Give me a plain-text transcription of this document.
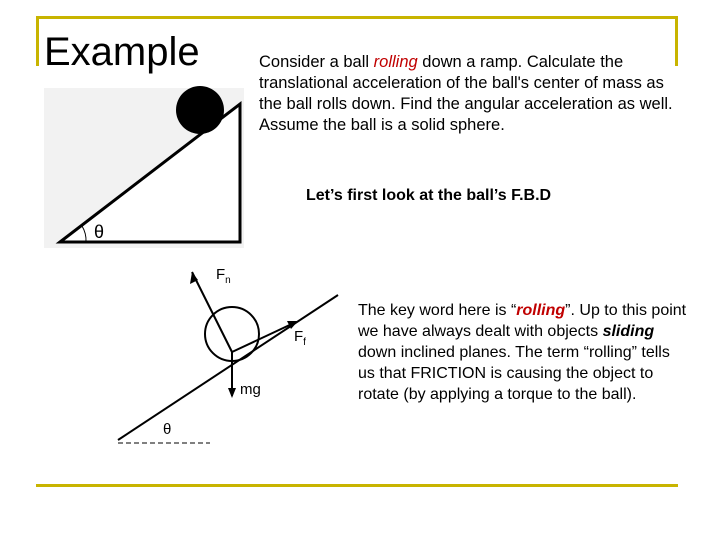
Example	Consider a ball rolling down a ramp. Calculate the translational acceleration of the ball's center of mass as the ball rolls down. Find the angular acceleration as well. Assume the ball is a solid sphere.
θ
Let’s first look at the ball’s F.B.D
$F_n$
$F_f$
mg
θ
The key word here is “rolling”. Up to this point we have always dealt with objects sliding down inclined planes. The term “rolling” tells us that FRICTION is causing the object to rotate (by applying a torque to the ball).
